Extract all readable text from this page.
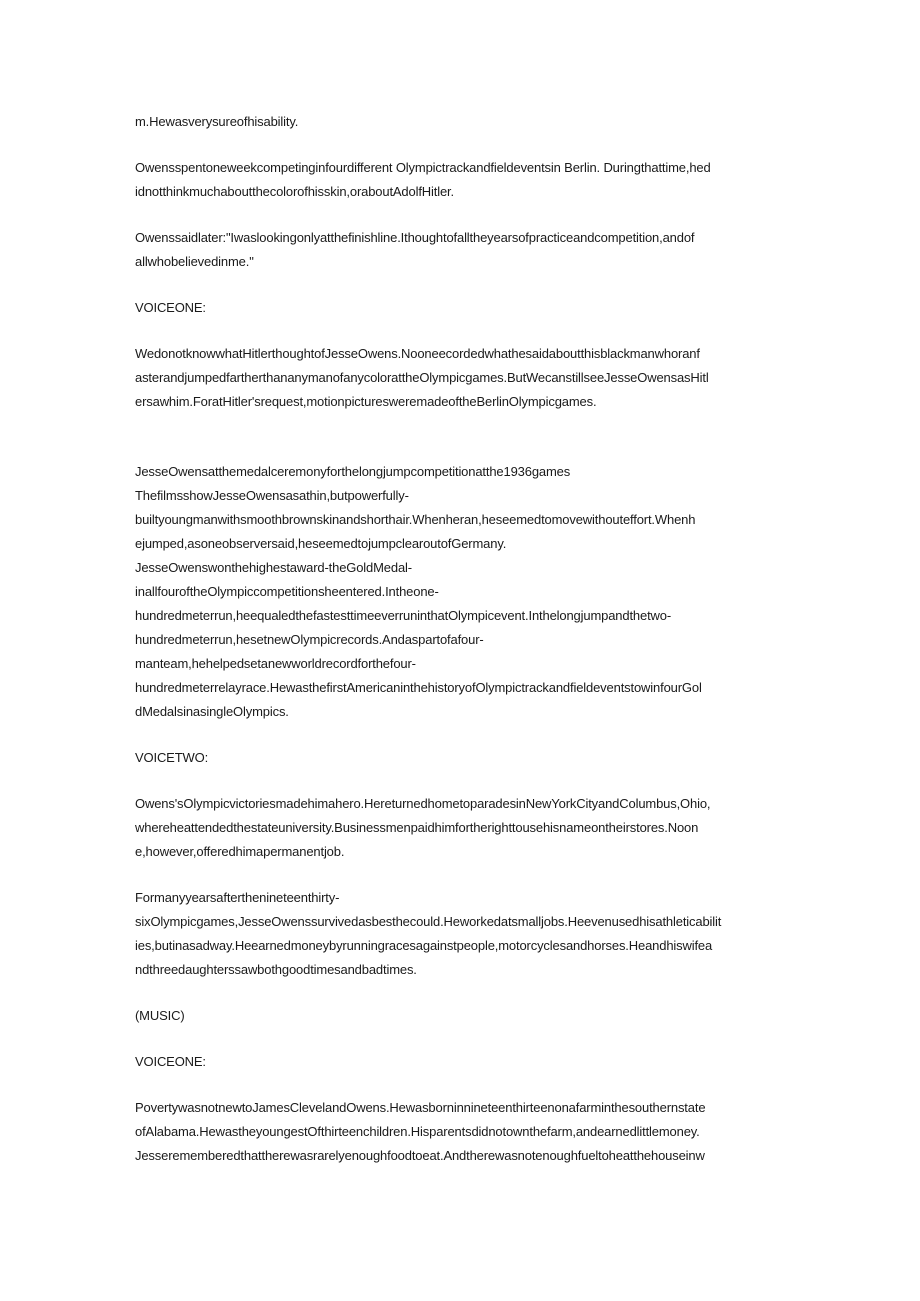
m.Hewasverysureofhisability.
Owensspentoneweekcompetinginfourdifferent Olympictrackandfieldeventsin Berlin. Duringthattime,hed
idnotthinkmuchaboutthecolorofhisskin,oraboutAdolfHitler.
Owenssaidlater:"Iwaslookingonlyatthefinishline.Ithoughtofalltheyearsofpracticeandcompetition,andof
allwhobelievedinme."
VOICEONE:
WedonotknowwhatHitlerthoughtofJesseOwens.Nooneecordedwhathesaidaboutthisblackmanwhoranf
asterandjumpedfartherthananymanofanycolorattheOlympicgames.ButWecanstillseeJesseOwensasHitl
ersawhim.ForatHitler'srequest,motionpicturesweremadeoftheBerlinOlympicgames.
JesseOwensatthemedalceremonyforthelongjumpcompetitionatthe1936games
ThefilmsshowJesseOwensasathin,butpowerfully-
builtyoungmanwithsmoothbrownskinandshorthair.Whenheran,heseemedtomovewithouteffort.Whenh
ejumped,asoneobserversaid,heseemedtojumpclearoutofGermany.
JesseOwenswonthehighestaward-theGoldMedal-
inallfouroftheOlympiccompetitionsheentered.Intheone-
hundredmeterrun,heequaledthefastesttimeeverruninthatOlympicevent.Inthelongjumpandthetwo-
hundredmeterrun,hesetnewOlympicrecords.Andaspartofafour-
manteam,hehelpedsetanewworldrecordforthefour-
hundredmeterrelayrace.HewasthefirstAmericaninthehistoryofOlympictrackandfieldeventstowinfourGol
dMedalsinasingleOlympics.
VOICETWO:
Owens'sOlympicvictoriesmadehimahero.HereturnedhometoparadesinNewYorkCityandColumbus,Ohio,
whereheattendedthestateuniversity.Businessmenpaidhimfortherighttousehisnameontheirstores.Noon
e,however,offeredhimapermanentjob.
Formanyyearsafterthenineteenthirty-
sixOlympicgames,JesseOwenssurvivedasbesthecould.Heworkedatsmalljobs.Heevenusedhisathleticabilit
ies,butinasadway.Heearnedmoneybyrunningracesagainstpeople,motorcyclesandhorses.Heandhiswifea
ndthreedaughterssawbothgoodtimesandbadtimes.
(MUSIC)
VOICEONE:
PovertywasnotnewtoJamesClevelandOwens.Hewasborninnineteenthirteenonafarminthesouthernstate
ofAlabama.HewastheyoungestOfthirteenchildren.Hisparentsdidnotownthefarm,andearnedlittlemoney.
Jesserememberedthattherewasrarelyenoughfoodtoeat.Andtherewasnotenoughfueltoheatthehouseinw
